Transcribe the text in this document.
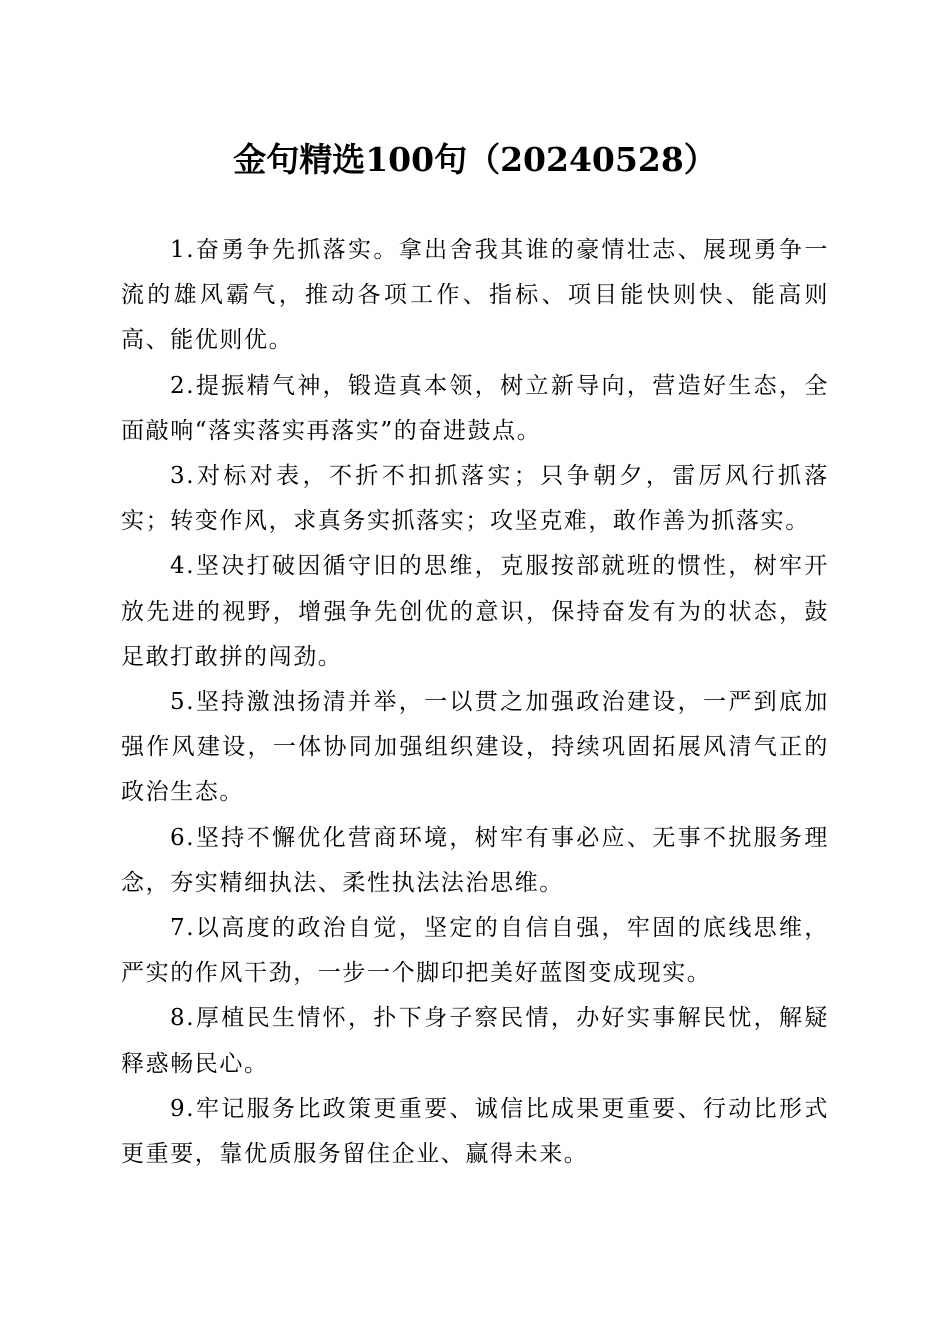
金句精选100句（20240528）

1.奋勇争先抓落实。拿出舍我其谁的豪情壮志、展现勇争一流的雄风霸气，推动各项工作、指标、项目能快则快、能高则高、能优则优。

2.提振精气神，锻造真本领，树立新导向，营造好生态，全面敲响“落实落实再落实”的奋进鼓点。

3.对标对表，不折不扣抓落实；只争朝夕，雷厉风行抓落实；转变作风，求真务实抓落实；攻坚克难，敢作善为抓落实。

4.坚决打破因循守旧的思维，克服按部就班的惯性，树牢开放先进的视野，增强争先创优的意识，保持奋发有为的状态，鼓足敢打敢拼的闯劲。

5.坚持激浊扬清并举，一以贯之加强政治建设，一严到底加强作风建设，一体协同加强组织建设，持续巩固拓展风清气正的政治生态。

6.坚持不懈优化营商环境，树牢有事必应、无事不扰服务理念，夯实精细执法、柔性执法法治思维。

7.以高度的政治自觉，坚定的自信自强，牢固的底线思维，严实的作风干劲，一步一个脚印把美好蓝图变成现实。

8.厚植民生情怀，扑下身子察民情，办好实事解民忧，解疑释惑畅民心。

9.牢记服务比政策更重要、诚信比成果更重要、行动比形式更重要，靠优质服务留住企业、赢得未来。
